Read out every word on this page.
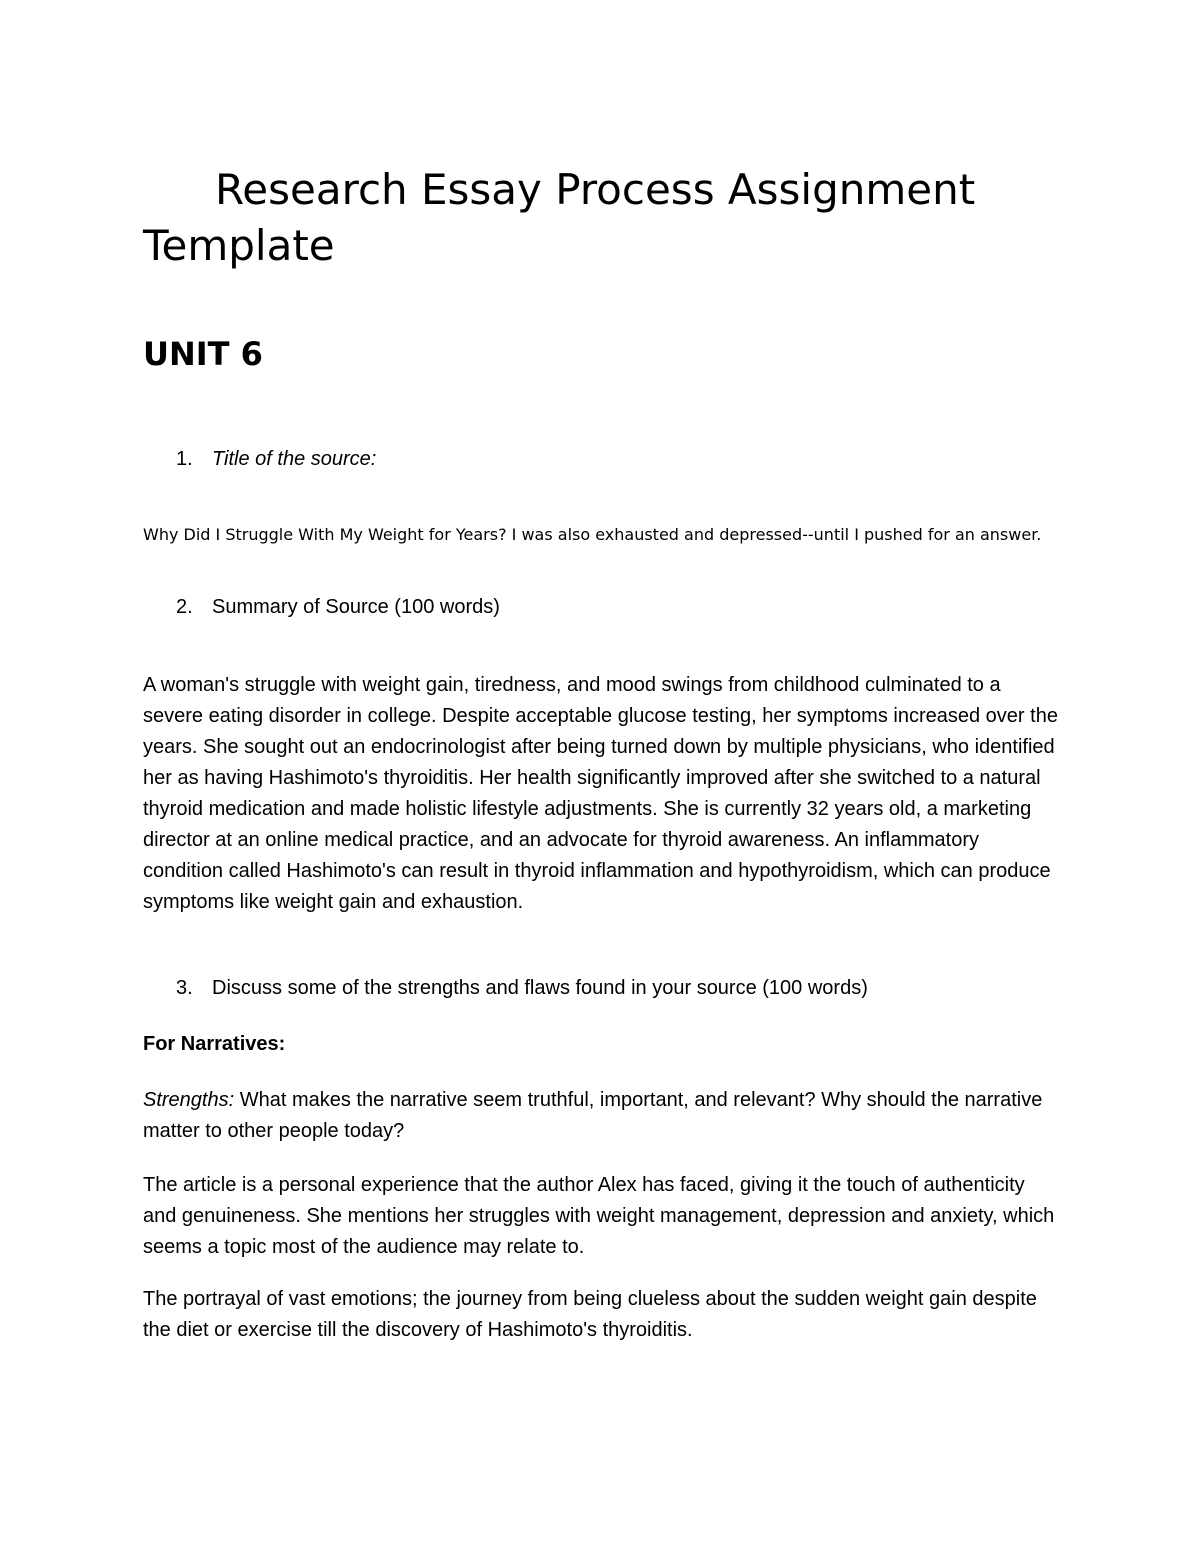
Research Essay Process Assignment Template
UNIT 6

1. Title of the source:

Why Did I Struggle With My Weight for Years? I was also exhausted and depressed--until I pushed for an answer.

2. Summary of Source (100 words)

A woman's struggle with weight gain, tiredness, and mood swings from childhood culminated to a severe eating disorder in college. Despite acceptable glucose testing, her symptoms increased over the years. She sought out an endocrinologist after being turned down by multiple physicians, who identified her as having Hashimoto's thyroiditis. Her health significantly improved after she switched to a natural thyroid medication and made holistic lifestyle adjustments. She is currently 32 years old, a marketing director at an online medical practice, and an advocate for thyroid awareness. An inflammatory condition called Hashimoto's can result in thyroid inflammation and hypothyroidism, which can produce symptoms like weight gain and exhaustion.

3. Discuss some of the strengths and flaws found in your source (100 words)

For Narratives:

Strengths: What makes the narrative seem truthful, important, and relevant? Why should the narrative matter to other people today?

The article is a personal experience that the author Alex has faced, giving it the touch of authenticity and genuineness. She mentions her struggles with weight management, depression and anxiety, which seems a topic most of the audience may relate to.

The portrayal of vast emotions; the journey from being clueless about the sudden weight gain despite the diet or exercise till the discovery of Hashimoto's thyroiditis.
